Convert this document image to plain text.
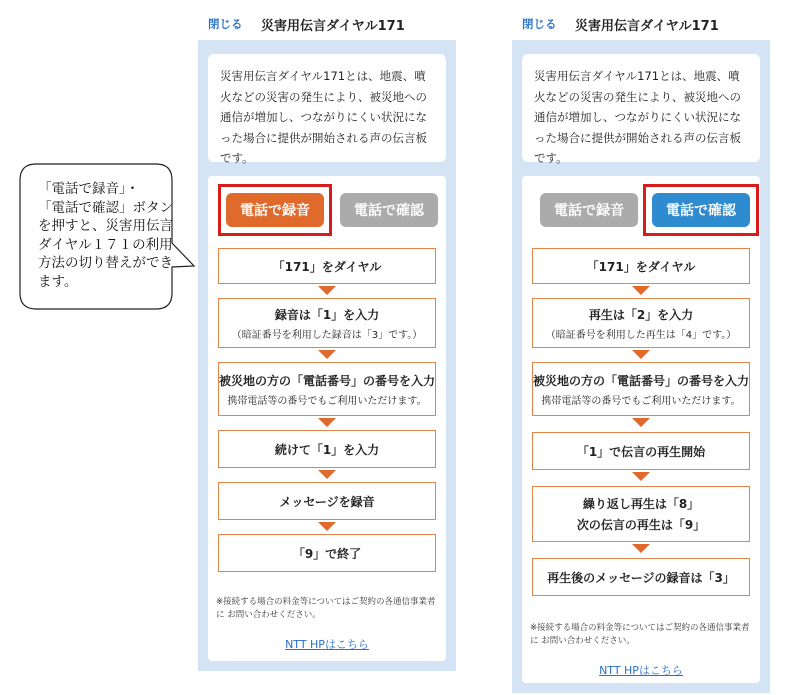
「電話で録音」・
「電話で確認」ボタンを押すと、災害用伝言ダイヤル１７１の利用方法の切り替えができます。
閉じる 災害用伝言ダイヤル171
災害用伝言ダイヤル171とは、地震、噴
火などの災害の発生により、被災地への
通信が増加し、つながりにくい状況にな
った場合に提供が開始される声の伝言板
です。
電話で録音	電話で確認
「171」をダイヤル
録音は「1」を入力
（暗証番号を利用した録音は「3」です。）
被災地の方の「電話番号」の番号を入力
携帯電話等の番号でもご利用いただけます。
続けて「1」を入力
メッセージを録音
「9」で終了
※接続する場合の料金等についてはご契約の各通信事業者に お問い合わせください。
NTT HPはこちら
閉じる 災害用伝言ダイヤル171
災害用伝言ダイヤル171とは、地震、噴
火などの災害の発生により、被災地への
通信が増加し、つながりにくい状況にな
った場合に提供が開始される声の伝言板
です。
電話で録音	電話で確認
「171」をダイヤル
再生は「2」を入力
（暗証番号を利用した再生は「4」です。）
被災地の方の「電話番号」の番号を入力
携帯電話等の番号でもご利用いただけます。
「1」で伝言の再生開始
繰り返し再生は「8」
次の伝言の再生は「9」
再生後のメッセージの録音は「3」
※接続する場合の料金等についてはご契約の各通信事業者に お問い合わせください。
NTT HPはこちら
